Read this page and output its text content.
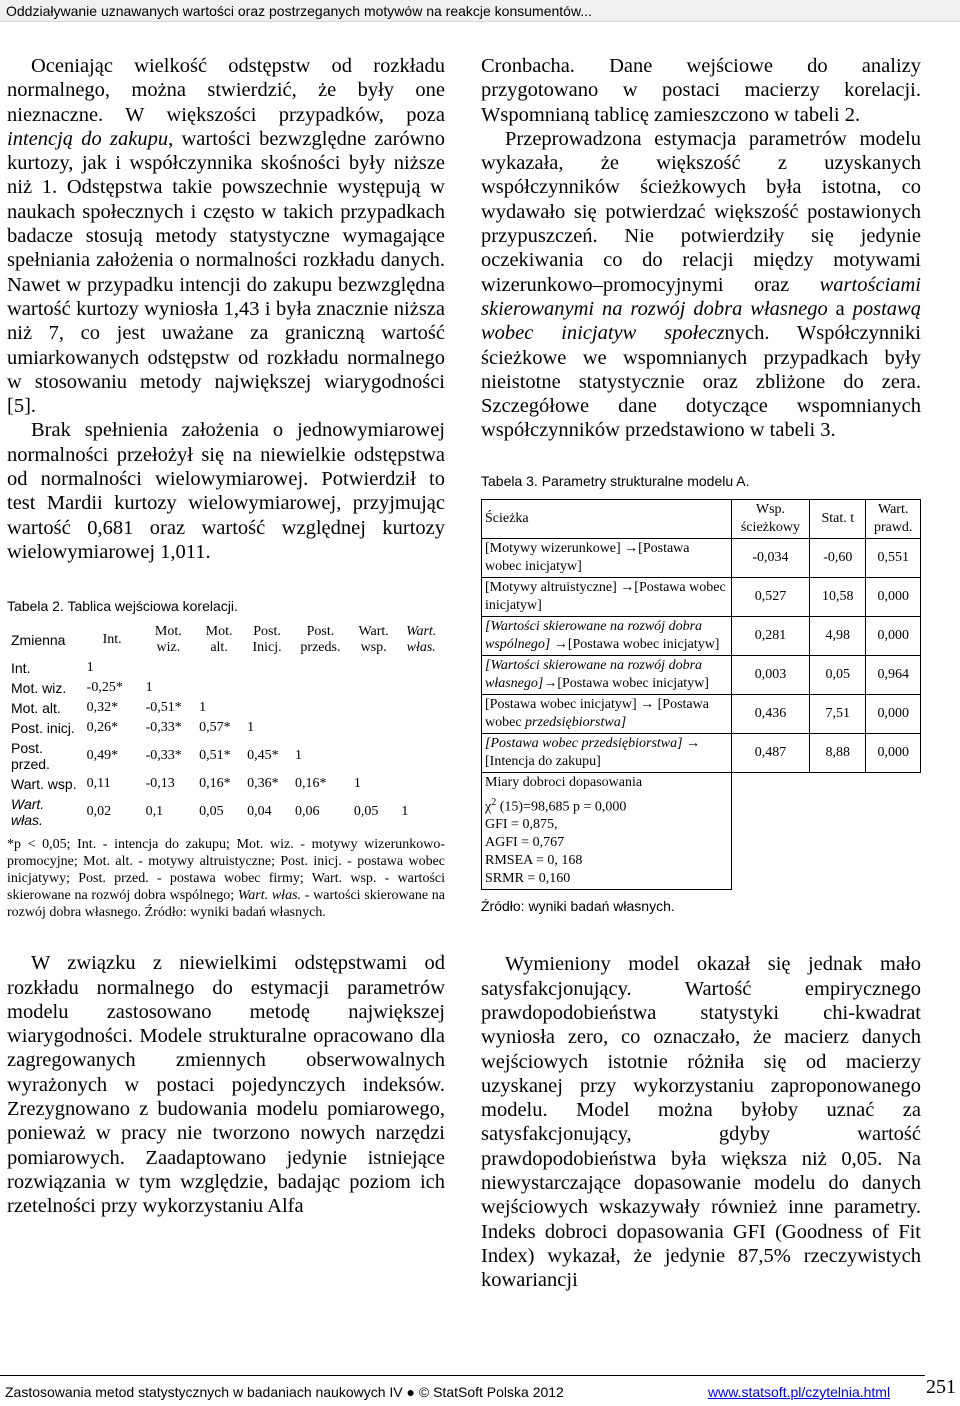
Oddziaływanie uznawanych wartości oraz postrzeganych motywów na reakcje konsumentów...

Oceniając wielkość odstępstw od rozkładu normalnego, można stwierdzić, że były one nieznaczne. W większości przypadków, poza intencją do zakupu, wartości bezwzględne zarówno kurtozy, jak i współczynnika skośności były niższe niż 1. Odstępstwa takie powszechnie występują w naukach społecznych i często w takich przypadkach badacze stosują metody statystyczne wymagające spełniania założenia o normalności rozkładu danych. Nawet w przypadku intencji do zakupu bezwzględna wartość kurtozy wyniosła 1,43 i była znacznie niższa niż 7, co jest uważane za graniczną wartość umiarkowanych odstępstw od rozkładu normalnego w stosowaniu metody największej wiarygodności [5].

Brak spełnienia założenia o jednowymiarowej normalności przełożył się na niewielkie odstępstwa od normalności wielowymiarowej. Potwierdził to test Mardii kurtozy wielowymiarowej, przyjmując wartość 0,681 oraz wartość względnej kurtozy wielowymiarowej 1,011.

Tabela 2. Tablica wejściowa korelacji.

Zmienna	Int.	Mot. wiz.	Mot. alt.	Post. Inicj.	Post. przeds.	Wart. wsp.	Wart. włas.
Int.	1						
Mot. wiz.	-0,25*	1					
Mot. alt.	0,32*	-0,51*	1				
Post. inicj.	0,26*	-0,33*	0,57*	1			
Post. przed.	0,49*	-0,33*	0,51*	0,45*	1		
Wart. wsp.	0,11	-0,13	0,16*	0,36*	0,16*	1	
Wart. włas.	0,02	0,1	0,05	0,04	0,06	0,05	1

*p < 0,05; Int. - intencja do zakupu; Mot. wiz. - motywy wizerunkowo-promocyjne; Mot. alt. - motywy altruistyczne; Post. inicj. - postawa wobec inicjatywy; Post. przed. - postawa wobec firmy; Wart. wsp. - wartości skierowane na rozwój dobra wspólnego; Wart. włas. - wartości skierowane na rozwój dobra własnego. Źródło: wyniki badań własnych.

W związku z niewielkimi odstępstwami od rozkładu normalnego do estymacji parametrów modelu zastosowano metodę największej wiarygodności. Modele strukturalne opracowano dla zagregowanych zmiennych obserwowalnych wyrażonych w postaci pojedynczych indeksów. Zrezygnowano z budowania modelu pomiarowego, ponieważ w pracy nie tworzono nowych narzędzi pomiarowych. Zaadaptowano jedynie istniejące rozwiązania w tym względzie, badając poziom ich rzetelności przy wykorzystaniu Alfa

Cronbacha. Dane wejściowe do analizy przygotowano w postaci macierzy korelacji. Wspomnianą tablicę zamieszczono w tabeli 2.

Przeprowadzona estymacja parametrów modelu wykazała, że większość z uzyskanych współczynników ścieżkowych była istotna, co wydawało się potwierdzać większość postawionych przypuszczeń. Nie potwierdziły się jedynie oczekiwania co do relacji między motywami wizerunkowo–promocyjnymi oraz wartościami skierowanymi na rozwój dobra własnego a postawą wobec inicjatyw społecznych. Współczynniki ścieżkowe we wspomnianych przypadkach były nieistotne statystycznie oraz zbliżone do zera. Szczegółowe dane dotyczące wspomnianych współczynników przedstawiono w tabeli 3.

Tabela 3. Parametry strukturalne modelu A.

Ścieżka	Wsp. ścieżkowy	Stat. t	Wart. prawd.
[Motywy wizerunkowe] →[Postawa wobec inicjatyw]	-0,034	-0,60	0,551
[Motywy altruistyczne] →[Postawa wobec inicjatyw]	0,527	10,58	0,000
[Wartości skierowane na rozwój dobra wspólnego] →[Postawa wobec inicjatyw]	0,281	4,98	0,000
[Wartości skierowane na rozwój dobra własnego]→[Postawa wobec inicjatyw]	0,003	0,05	0,964
[Postawa wobec inicjatyw] → [Postawa wobec przedsiębiorstwa]	0,436	7,51	0,000
[Postawa wobec przedsiębiorstwa] → [Intencja do zakupu]	0,487	8,88	0,000
Miary dobroci dopasowania			

$\chi^2$ (15)=98,685 p = 0,000
GFI = 0,875,
AGFI = 0,767
RMSEA = 0, 168
SRMR = 0,160			

Źródło: wyniki badań własnych.

Wymieniony model okazał się jednak mało satysfakcjonujący. Wartość empirycznego prawdopodobieństwa statystyki chi-kwadrat wyniosła zero, co oznaczało, że macierz danych wejściowych istotnie różniła się od macierzy uzyskanej przy wykorzystaniu zaproponowanego modelu. Model można byłoby uznać za satysfakcjonujący, gdyby wartość prawdopodobieństwa była większa niż 0,05. Na niewystarczające dopasowanie modelu do danych wejściowych wskazywały również inne parametry. Indeks dobroci dopasowania GFI (Goodness of Fit Index) wykazał, że jedynie 87,5% rzeczywistych kowariancji

Zastosowania metod statystycznych w badaniach naukowych IV ● © StatSoft Polska 2012	www.statsoft.pl/czytelnia.html 251
